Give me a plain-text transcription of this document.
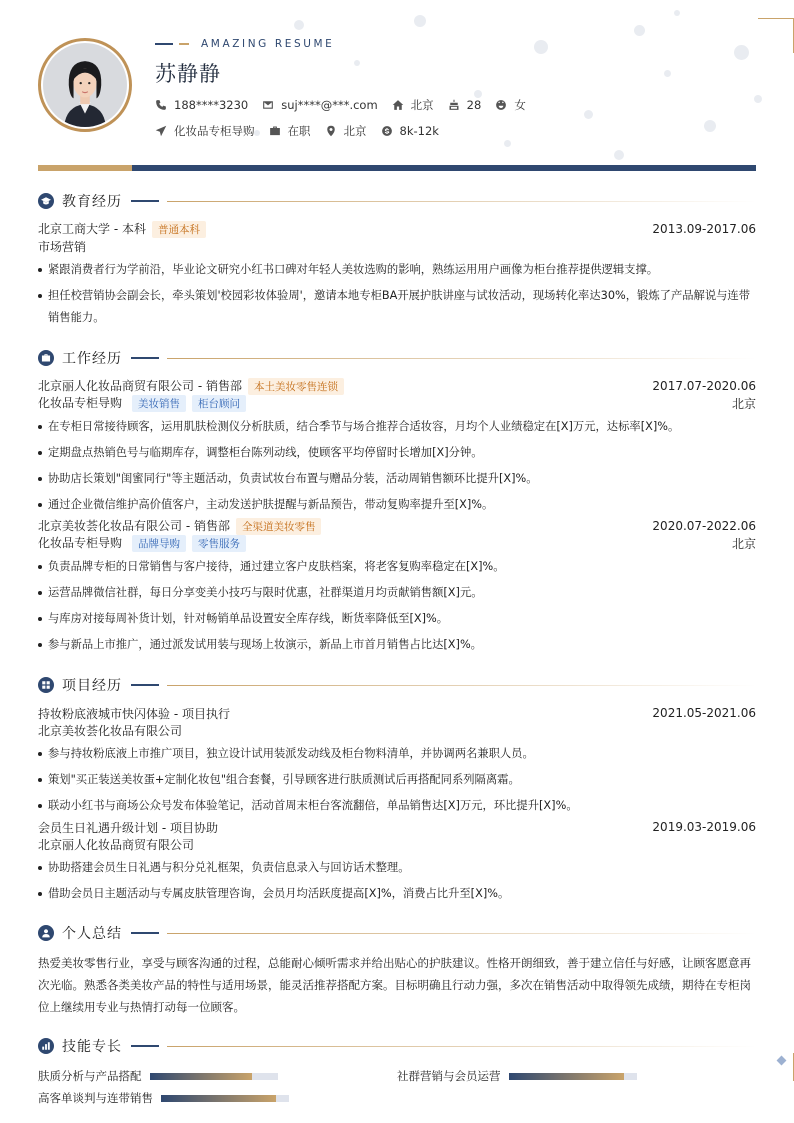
AMAZING RESUME
苏静静
188****3230	suj****@***.com	北京	28	女
化妆品专柜导购	在职	北京	8k-12k
教育经历
北京工商大学 - 本科 普通本科	2013.09-2017.06
市场营销
紧跟消费者行为学前沿，毕业论文研究小红书口碑对年轻人美妆选购的影响，熟练运用用户画像为柜台推荐提供逻辑支撑。
担任校营销协会副会长，牵头策划'校园彩妆体验周'，邀请本地专柜BA开展护肤讲座与试妆活动，现场转化率达30%，锻炼了产品解说与连带销售能力。
工作经历
北京丽人化妆品商贸有限公司 - 销售部 本土美妆零售连锁	2017.07-2020.06
化妆品专柜导购 美妆销售 柜台顾问	北京
在专柜日常接待顾客，运用肌肤检测仪分析肤质，结合季节与场合推荐合适妆容，月均个人业绩稳定在[X]万元，达标率[X]%。
定期盘点热销色号与临期库存，调整柜台陈列动线，使顾客平均停留时长增加[X]分钟。
协助店长策划"闺蜜同行"等主题活动，负责试妆台布置与赠品分装，活动周销售额环比提升[X]%。
通过企业微信维护高价值客户，主动发送护肤提醒与新品预告，带动复购率提升至[X]%。
北京美妆荟化妆品有限公司 - 销售部 全渠道美妆零售	2020.07-2022.06
化妆品专柜导购 品牌导购 零售服务	北京
负责品牌专柜的日常销售与客户接待，通过建立客户皮肤档案，将老客复购率稳定在[X]%。
运营品牌微信社群，每日分享变美小技巧与限时优惠，社群渠道月均贡献销售额[X]元。
与库房对接每周补货计划，针对畅销单品设置安全库存线，断货率降低至[X]%。
参与新品上市推广，通过派发试用装与现场上妆演示，新品上市首月销售占比达[X]%。
项目经历
持妆粉底液城市快闪体验 - 项目执行	2021.05-2021.06
北京美妆荟化妆品有限公司
参与持妆粉底液上市推广项目，独立设计试用装派发动线及柜台物料清单，并协调两名兼职人员。
策划"买正装送美妆蛋+定制化妆包"组合套餐，引导顾客进行肤质测试后再搭配同系列隔离霜。
联动小红书与商场公众号发布体验笔记，活动首周末柜台客流翻倍，单品销售达[X]万元，环比提升[X]%。
会员生日礼遇升级计划 - 项目协助	2019.03-2019.06
北京丽人化妆品商贸有限公司
协助搭建会员生日礼遇与积分兑礼框架，负责信息录入与回访话术整理。
借助会员日主题活动与专属皮肤管理咨询，会员月均活跃度提高[X]%，消费占比升至[X]%。
个人总结

热爱美妆零售行业，享受与顾客沟通的过程，总能耐心倾听需求并给出贴心的护肤建议。性格开朗细致，善于建立信任与好感，让顾客愿意再次光临。熟悉各类美妆产品的特性与适用场景，能灵活推荐搭配方案。目标明确且行动力强，多次在销售活动中取得领先成绩，期待在专柜岗位上继续用专业与热情打动每一位顾客。

技能专长
肤质分析与产品搭配	社群营销与会员运营
高客单谈判与连带销售
